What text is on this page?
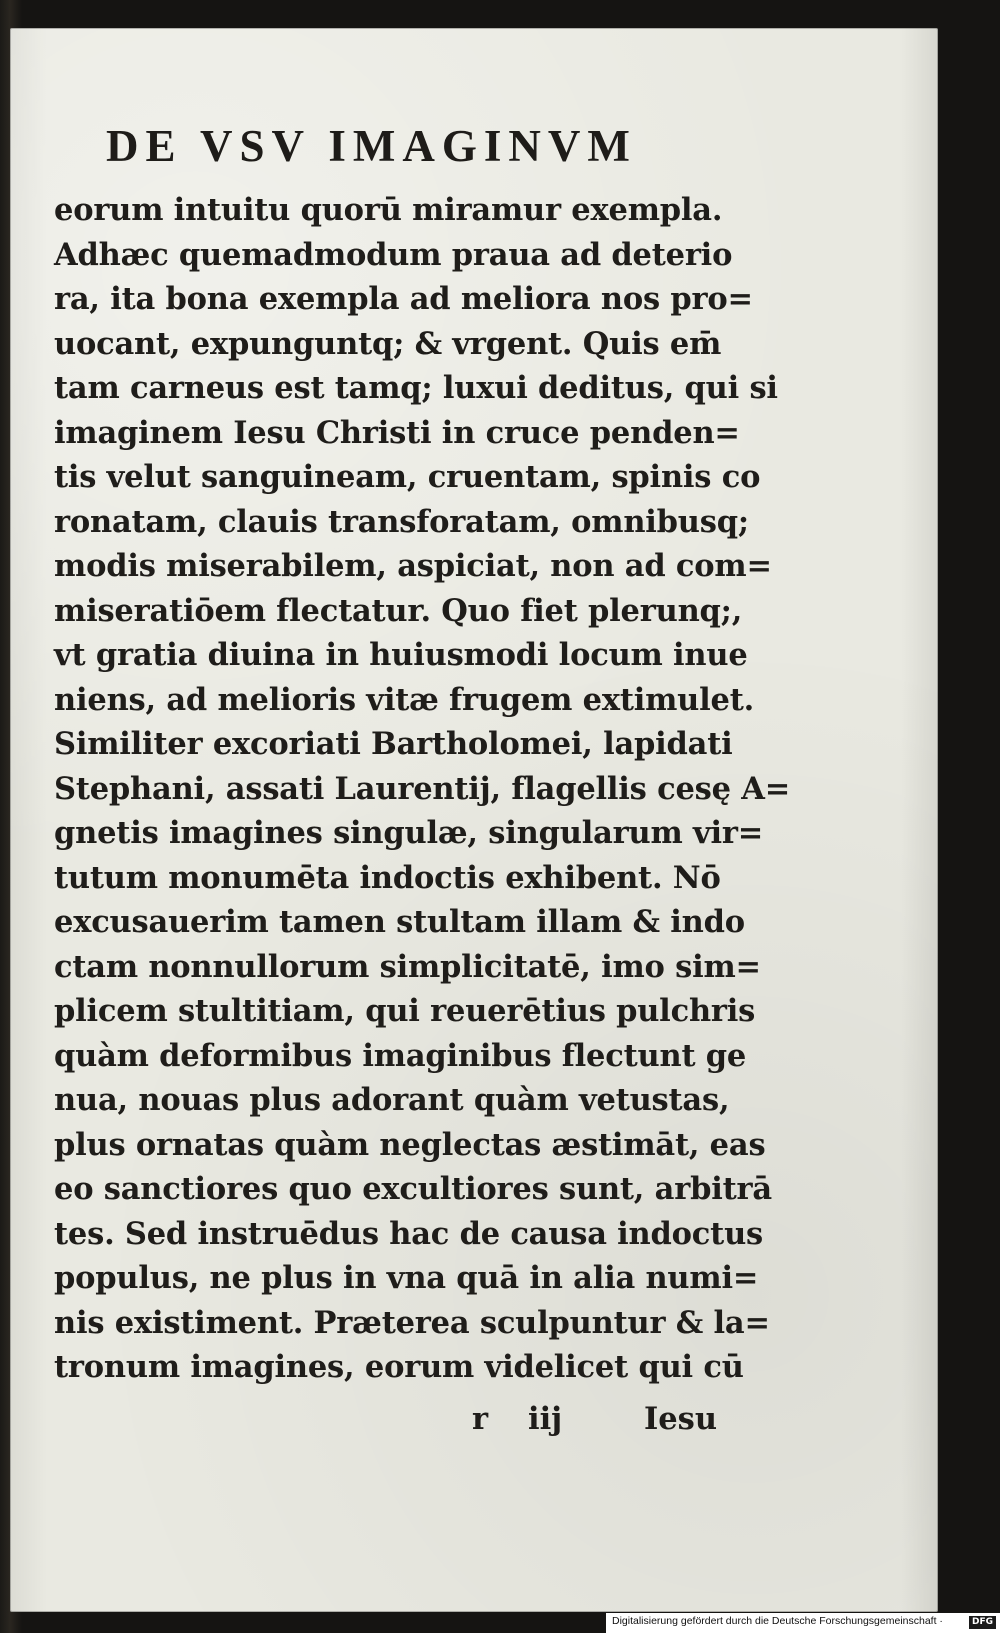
DE VSV IMAGINVM
eorum intuitu quorū miramur exempla.
Adhæc quemadmodum praua ad deterio
ra, ita bona exempla ad meliora nos pro=
uocant, expunguntq; & vrgent. Quis em̄
tam carneus est tamq; luxui deditus, qui si
imaginem Iesu Christi in cruce penden=
tis velut sanguineam, cruentam, spinis co
ronatam, clauis transforatam, omnibusq;
modis miserabilem, aspiciat, non ad com=
miseratiōem flectatur. Quo fiet plerunq;,
vt gratia diuina in huiusmodi locum inue
niens, ad melioris vitæ frugem extimulet.
Similiter excoriati Bartholomei, lapidati
Stephani, assati Laurentij, flagellis cesę A=
gnetis imagines singulæ, singularum vir=
tutum monumēta indoctis exhibent. Nō
excusauerim tamen stultam illam & indo
ctam nonnullorum simplicitatē, imo sim=
plicem stultitiam, qui reuerētius pulchris
quàm deformibus imaginibus flectunt ge
nua, nouas plus adorant quàm vetustas,
plus ornatas quàm neglectas æstimāt, eas
eo sanctiores quo excultiores sunt, arbitrā
tes. Sed instruēdus hac de causa indoctus
populus, ne plus in vna quā in alia numi=
nis existiment. Præterea sculpuntur & la=
tronum imagines, eorum videlicet qui cū
r iij	Iesu
Digitalisierung gefördert durch die Deutsche Forschungsgemeinschaft ·	DFG
